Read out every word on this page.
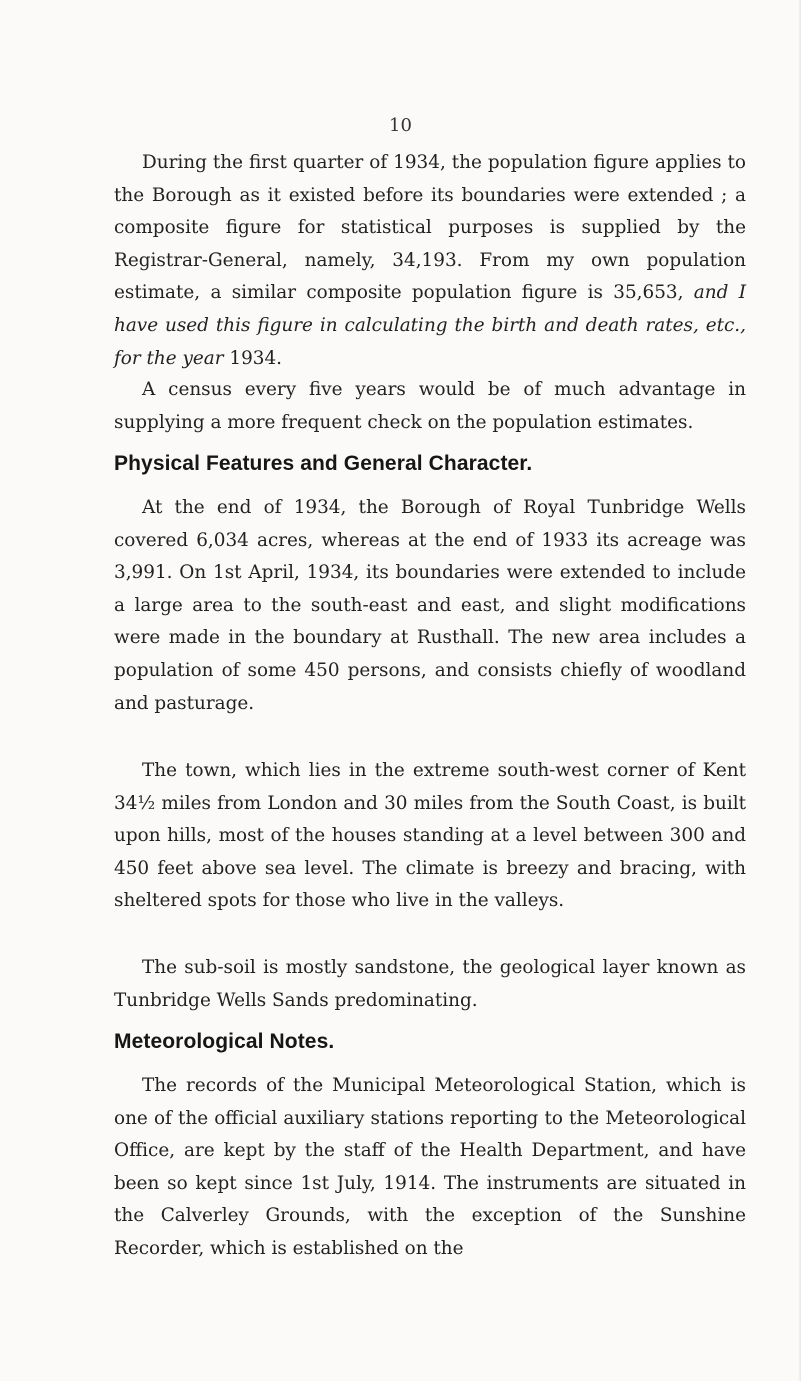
10

During the first quarter of 1934, the population figure applies to the Borough as it existed before its boundaries were extended ; a composite figure for statistical purposes is supplied by the Registrar-General, namely, 34,193. From my own population estimate, a similar composite population figure is 35,653, and I have used this figure in calculating the birth and death rates, etc., for the year 1934.

A census every five years would be of much advantage in supplying a more frequent check on the population estimates.

Physical Features and General Character.

At the end of 1934, the Borough of Royal Tunbridge Wells covered 6,034 acres, whereas at the end of 1933 its acreage was 3,991. On 1st April, 1934, its boundaries were extended to include a large area to the south-east and east, and slight modifications were made in the boundary at Rusthall. The new area includes a population of some 450 persons, and consists chiefly of woodland and pasturage.

The town, which lies in the extreme south-west corner of Kent 34½ miles from London and 30 miles from the South Coast, is built upon hills, most of the houses standing at a level between 300 and 450 feet above sea level. The climate is breezy and bracing, with sheltered spots for those who live in the valleys.

The sub-soil is mostly sandstone, the geological layer known as Tunbridge Wells Sands predominating.

Meteorological Notes.

The records of the Municipal Meteorological Station, which is one of the official auxiliary stations reporting to the Meteorological Office, are kept by the staff of the Health Department, and have been so kept since 1st July, 1914. The instruments are situated in the Calverley Grounds, with the exception of the Sunshine Recorder, which is established on the
